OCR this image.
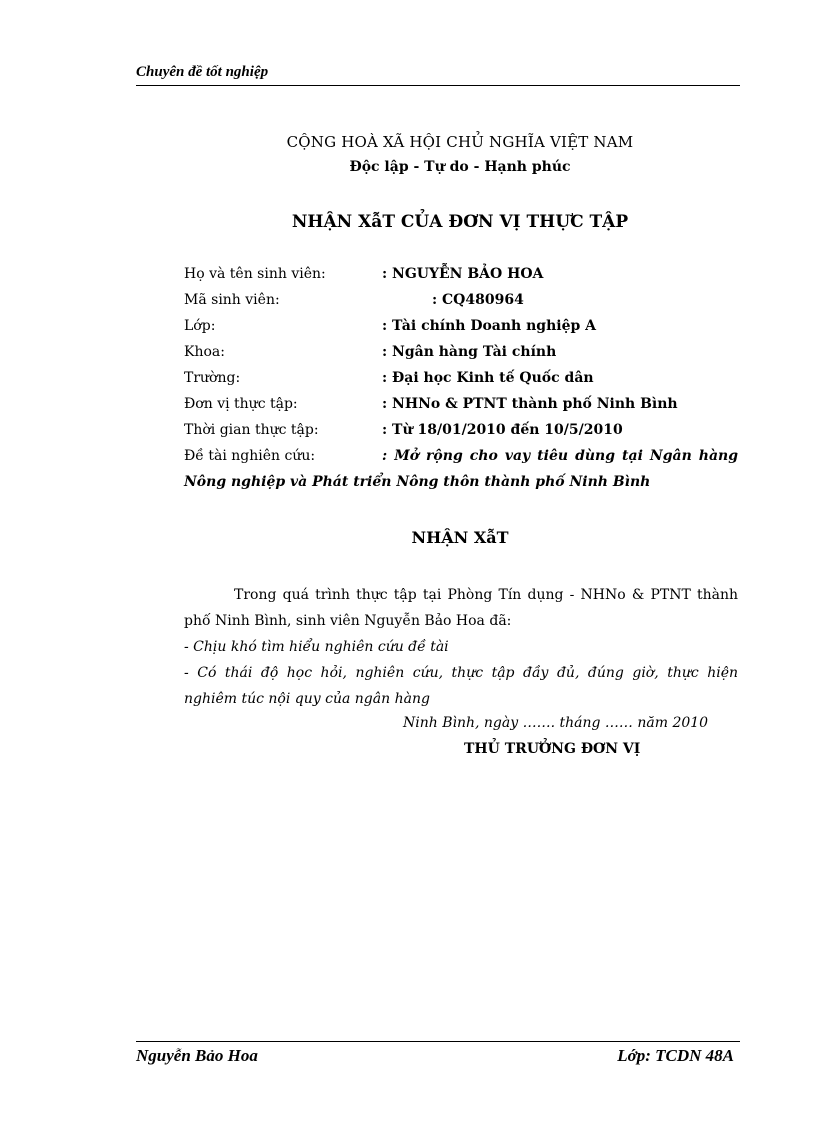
Chuyên đề tốt nghiệp
CỘNG HOÀ XÃ HỘI CHỦ NGHĨA VIỆT NAM
Độc lập - Tự do - Hạnh phúc
NHẬN XẫT CỦA ĐƠN VỊ THỰC TẬP
Họ và tên sinh viên:	: NGUYỄN BẢO HOA
Mã sinh viên:	: CQ480964
Lớp:	: Tài chính Doanh nghiệp A
Khoa:	: Ngân hàng Tài chính
Trường:	: Đại học Kinh tế Quốc dân
Đơn vị thực tập:	: NHNo & PTNT thành phố Ninh Bình
Thời gian thực tập:	: Từ 18/01/2010 đến 10/5/2010
Đề tài nghiên cứu:	: Mở rộng cho vay tiêu dùng tại Ngân hàng
Nông nghiệp và Phát triển Nông thôn thành phố Ninh Bình
NHẬN XẫT
Trong quá trình thực tập tại Phòng Tín dụng - NHNo & PTNT thành
phố Ninh Bình, sinh viên Nguyễn Bảo Hoa đã:
- Chịu khó tìm hiểu nghiên cứu đề tài
- Có thái độ học hỏi, nghiên cứu, thực tập đầy đủ, đúng giờ, thực hiện
nghiêm túc nội quy của ngân hàng
Ninh Bình, ngày ……. tháng …… năm 2010
THỦ TRƯỞNG ĐƠN VỊ
Nguyễn Bảo Hoa	Lớp: TCDN 48A
